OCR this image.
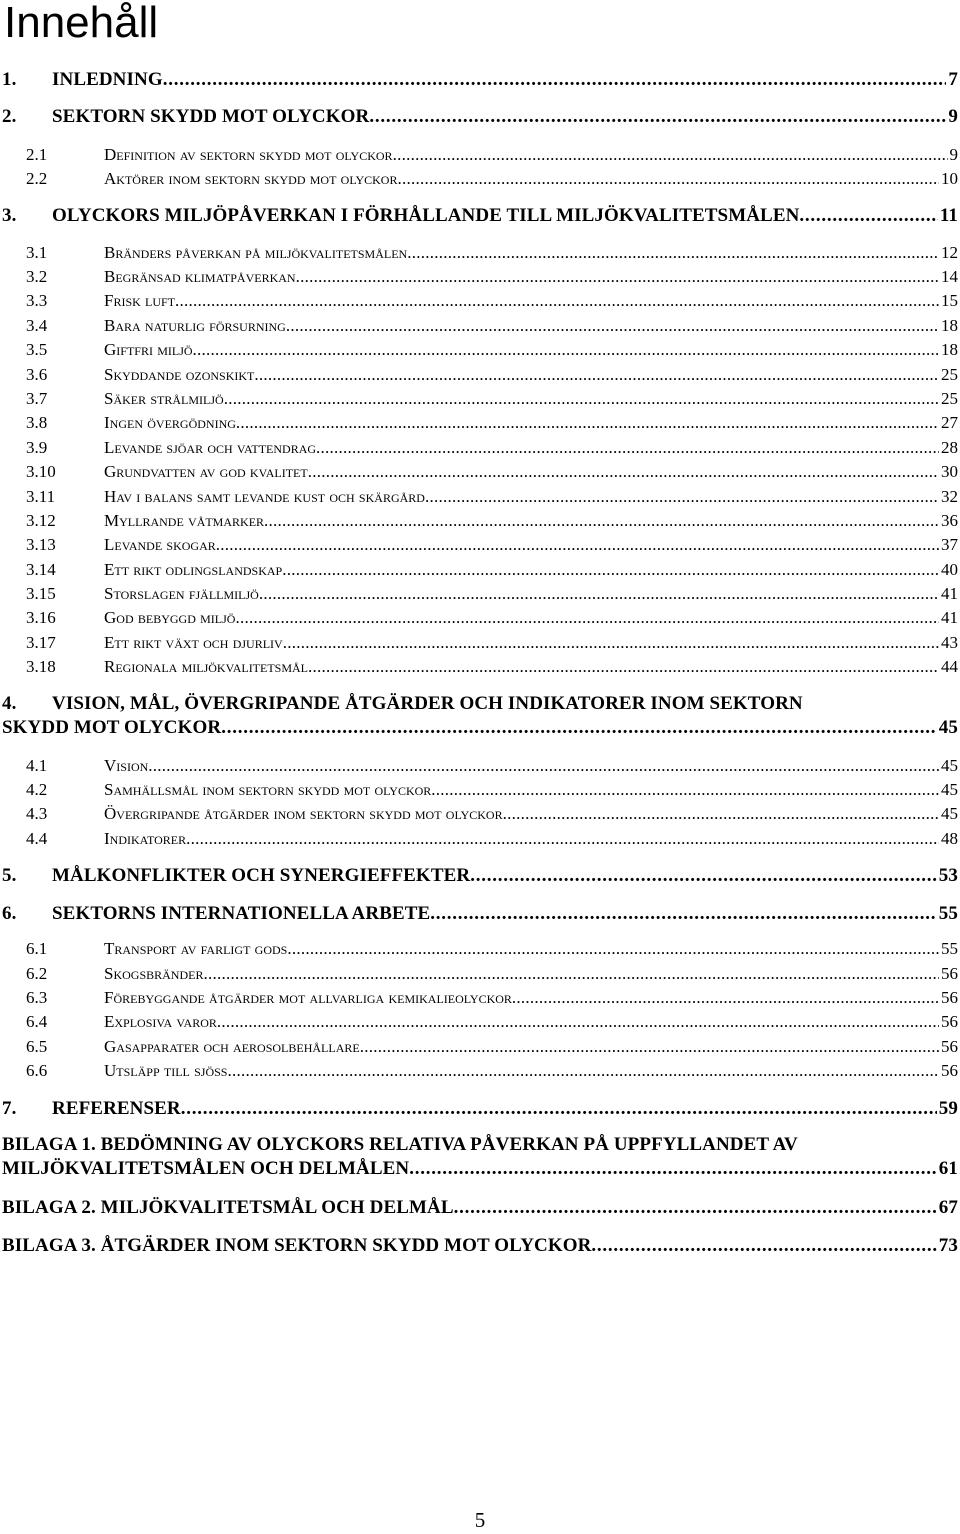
Innehåll
1.	INLEDNING . . .	7
2.	SEKTORN SKYDD MOT OLYCKOR . . .	9
2.1	Definition av sektorn skydd mot olyckor . . .	9
2.2	Aktörer inom sektorn skydd mot olyckor . . .	10
3.	OLYCKORS MILJÖPÅVERKAN I FÖRHÅLLANDE TILL MILJÖKVALITETSMÅLEN . . .	11
3.1	Bränders påverkan på miljökvalitetsmålen . . .	12
3.2	Begränsad klimatpåverkan . . .	14
3.3	Frisk luft . . .	15
3.4	Bara naturlig försurning . . .	18
3.5	Giftfri miljö . . .	18
3.6	Skyddande ozonskikt . . .	25
3.7	Säker strålmiljö . . .	25
3.8	Ingen övergödning . . .	27
3.9	Levande sjöar och vattendrag . . .	28
3.10	Grundvatten av god kvalitet . . .	30
3.11	Hav i balans samt levande kust och skärgård . . .	32
3.12	Myllrande våtmarker . . .	36
3.13	Levande skogar . . .	37
3.14	Ett rikt odlingslandskap . . .	40
3.15	Storslagen fjällmiljö . . .	41
3.16	God bebyggd miljö . . .	41
3.17	Ett rikt växt och djurliv . . .	43
3.18	Regionala miljökvalitetsmål . . .	44
4.	VISION, MÅL, ÖVERGRIPANDE ÅTGÄRDER OCH INDIKATORER INOM SEKTORN
SKYDD MOT OLYCKOR . . .	45
4.1	Vision . . .	45
4.2	Samhällsmål inom sektorn skydd mot olyckor . . .	45
4.3	Övergripande åtgärder inom sektorn skydd mot olyckor . . .	45
4.4	Indikatorer . . .	48
5.	MÅLKONFLIKTER OCH SYNERGIEFFEKTER . . .	53
6.	SEKTORNS INTERNATIONELLA ARBETE . . .	55
6.1	Transport av farligt gods . . .	55
6.2	Skogsbränder . . .	56
6.3	Förebyggande åtgärder mot allvarliga kemikalieolyckor . . .	56
6.4	Explosiva varor . . .	56
6.5	Gasapparater och aerosolbehållare . . .	56
6.6	Utsläpp till sjöss . . .	56
7.	REFERENSER . . .	59
BILAGA 1. BEDÖMNING AV OLYCKORS RELATIVA PÅVERKAN PÅ UPPFYLLANDET AV
MILJÖKVALITETSMÅLEN OCH DELMÅLEN . . .	61
BILAGA 2. MILJÖKVALITETSMÅL OCH DELMÅL . . .	67
BILAGA 3. ÅTGÄRDER INOM SEKTORN SKYDD MOT OLYCKOR . . .	73
5
